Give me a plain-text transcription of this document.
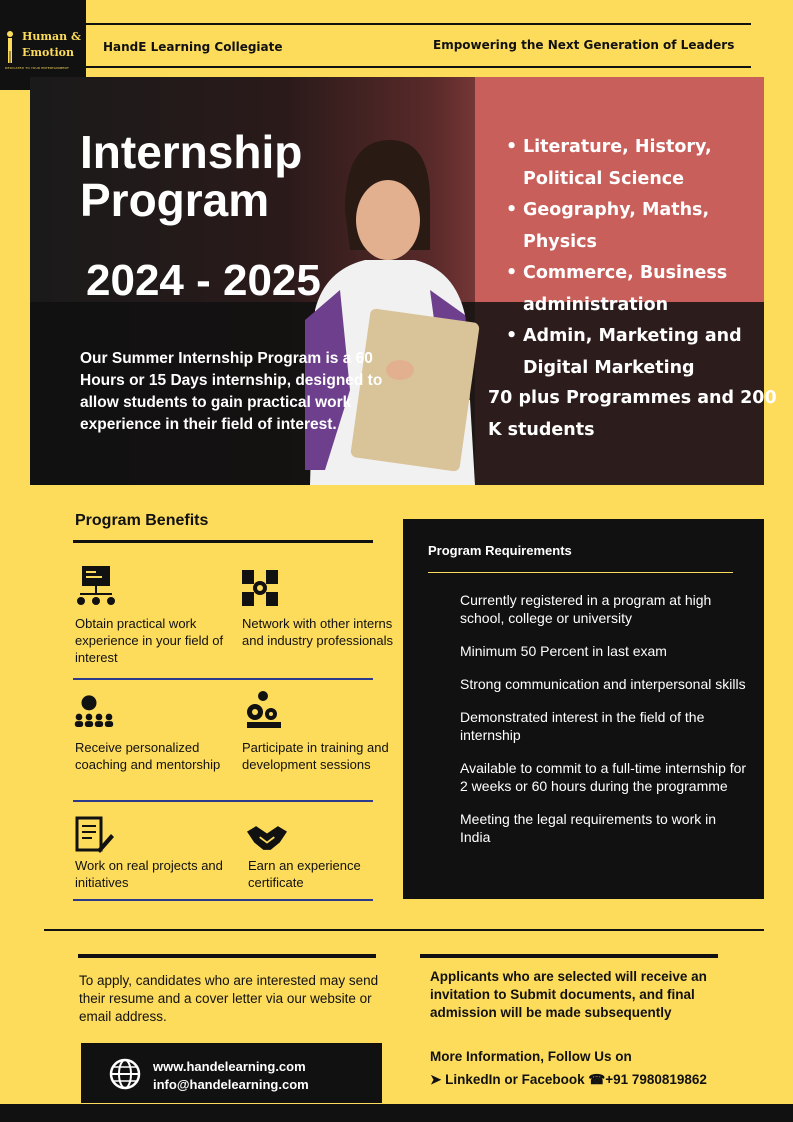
Human &
Emotion
DEDICATED TO YOUR ENTERTAINMENT
HandE Learning Collegiate	Empowering the Next Generation of Leaders
Internship
Program
2024 - 2025
Our Summer Internship Program is a 60 Hours or 15 Days internship, designed to allow students to gain practical work experience in their field of interest.
• Literature, History, Political Science
• Geography, Maths, Physics
• Commerce, Business administration
• Admin, Marketing and Digital Marketing
70 plus Programmes and 200 K students
Program Benefits
Obtain practical work experience in your field of interest
Network with other interns and industry professionals
Receive personalized coaching and mentorship
Participate in training and development sessions
Work on real projects and initiatives
Earn an experience certificate
Program Requirements
Currently registered in a program at high school, college or university
Minimum 50 Percent in last exam
Strong communication and interpersonal skills
Demonstrated interest in the field of the internship
Available to commit to a full-time internship for 2 weeks or 60 hours during the programme
Meeting the legal requirements to work in India
To apply, candidates who are interested may send their resume and a cover letter via our website or email address.
www.handelearning.com
info@handelearning.com
Applicants who are selected will receive an invitation to Submit documents, and final admission will be made subsequently
More Information, Follow Us on
➤ LinkedIn or Facebook ☎+91 7980819862
